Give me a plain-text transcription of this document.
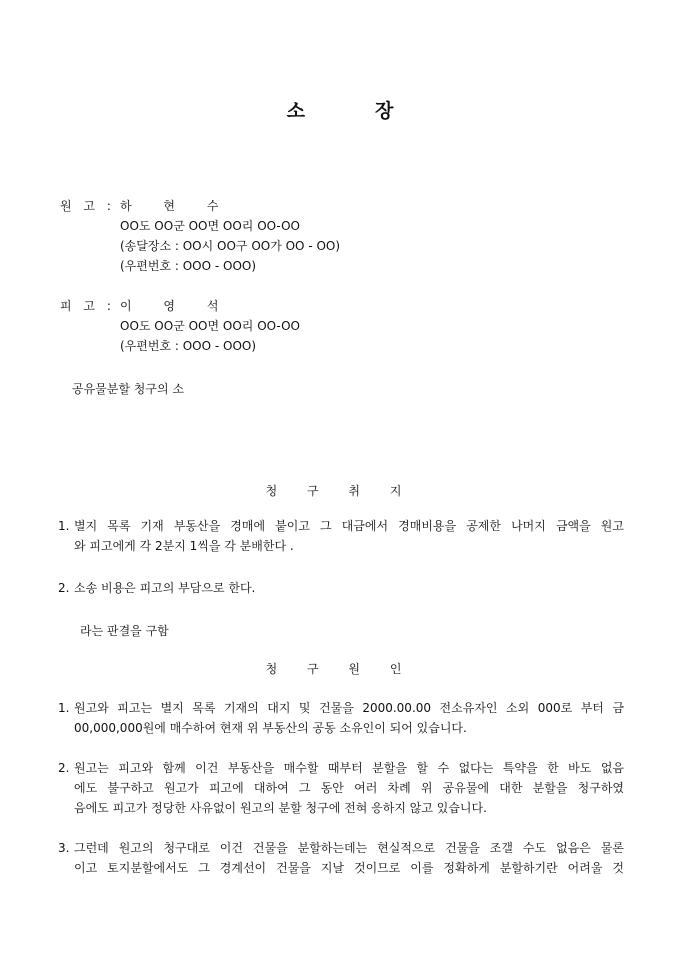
소	장
원 고 : 하 현 수
OO도 OO군 OO면 OO리 OO-OO
(송달장소 : OO시 OO구 OO가 OO - OO)
(우편번호 : OOO - OOO)
피 고 : 이 영 석
OO도 OO군 OO면 OO리 OO-OO
(우편번호 : OOO - OOO)
공유물분할 청구의 소
청 구 취 지
1. 별지 목록 기재 부동산을 경매에 붙이고 그 대금에서 경매비용을 공제한 나머지 금액을 원고
와 피고에게 각 2분지 1씩을 각 분배한다 .
2. 소송 비용은 피고의 부담으로 한다.
라는 판결을 구함
청 구 원 인
1. 원고와 피고는 별지 목록 기재의 대지 및 건물을 2000.00.00 전소유자인 소외 000로 부터 금
00,000,000원에 매수하여 현재 위 부동산의 공동 소유인이 되어 있습니다.
2. 원고는 피고와 함께 이건 부동산을 매수할 때부터 분할을 할 수 없다는 특약을 한 바도 없음
에도 불구하고 원고가 피고에 대하여 그 동안 여러 차례 위 공유물에 대한 분할을 청구하였
음에도 피고가 정당한 사유없이 원고의 분할 청구에 전혀 응하지 않고 있습니다.
3. 그런데 원고의 청구대로 이건 건물을 분할하는데는 현실적으로 건물을 조갤 수도 없음은 물론
이고 토지분할에서도 그 경계선이 건물을 지날 것이므로 이를 정확하게 분할하기란 어려울 것
